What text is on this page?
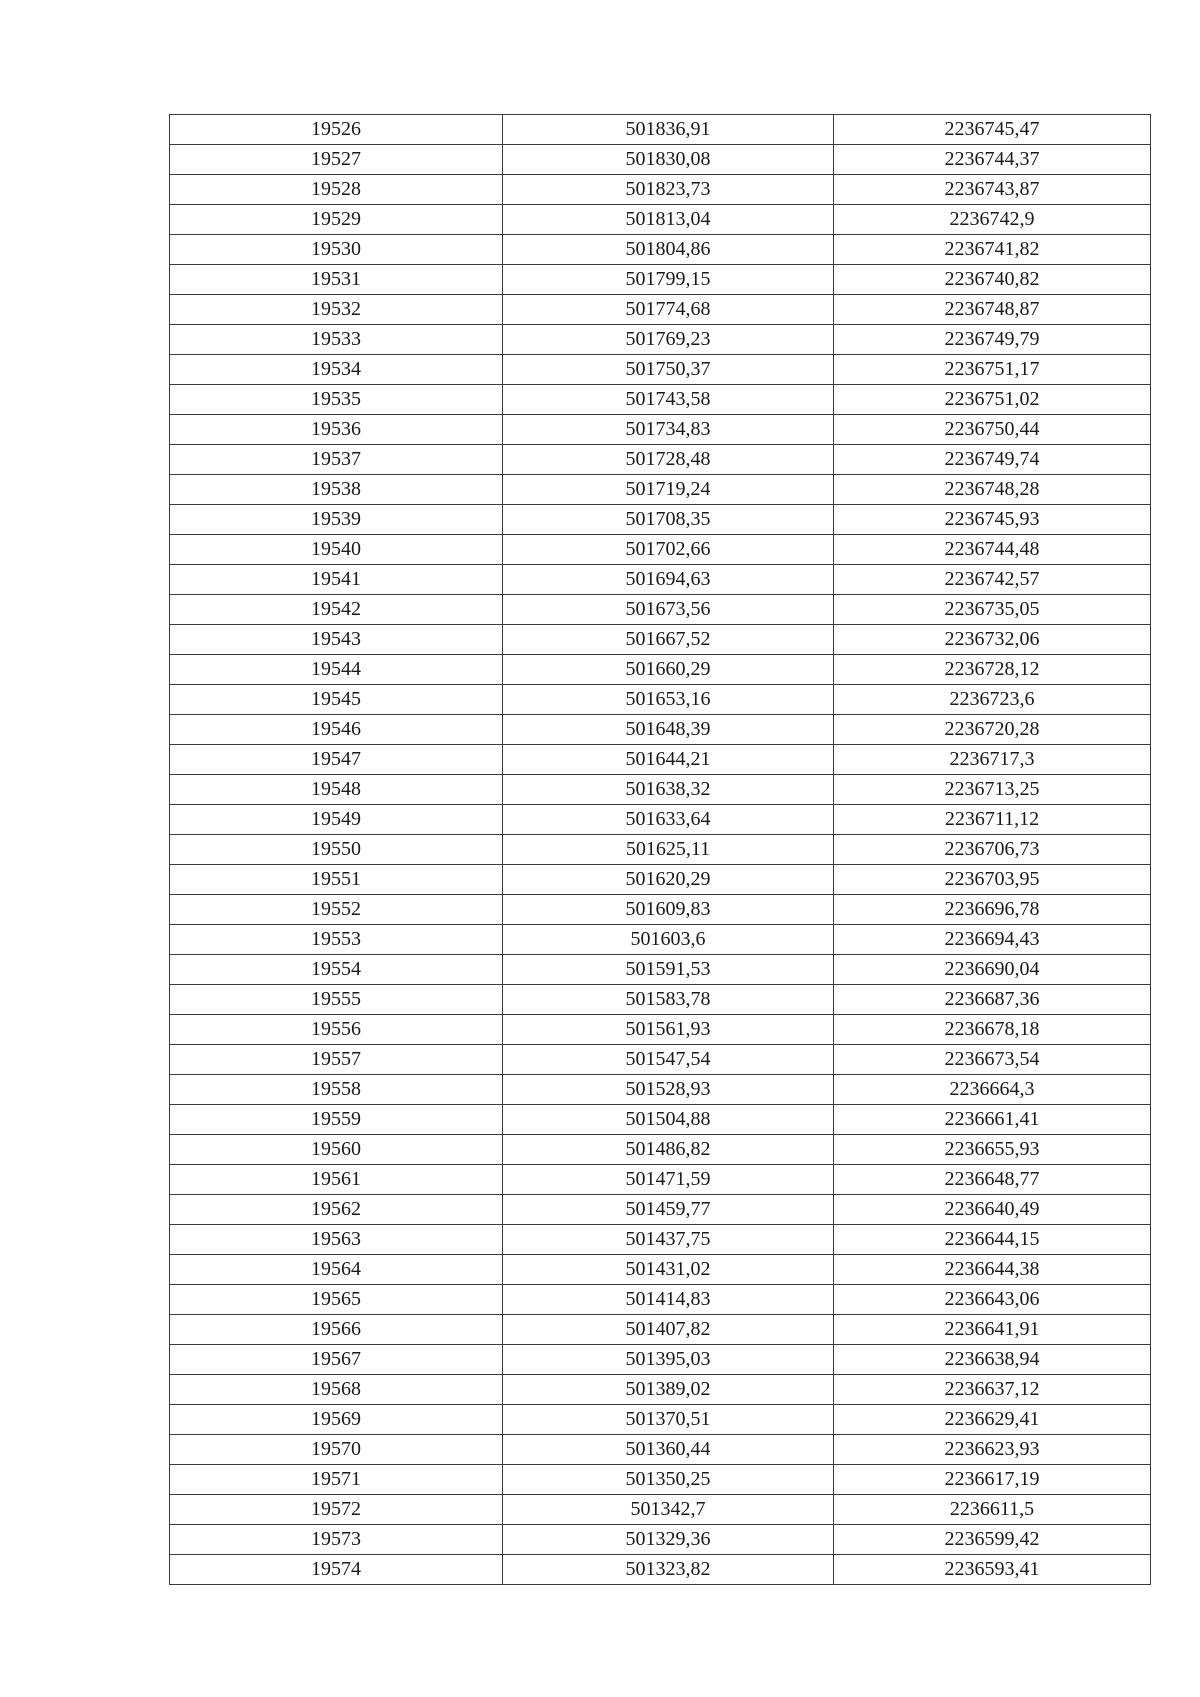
19526	501836,91	2236745,47
19527	501830,08	2236744,37
19528	501823,73	2236743,87
19529	501813,04	2236742,9
19530	501804,86	2236741,82
19531	501799,15	2236740,82
19532	501774,68	2236748,87
19533	501769,23	2236749,79
19534	501750,37	2236751,17
19535	501743,58	2236751,02
19536	501734,83	2236750,44
19537	501728,48	2236749,74
19538	501719,24	2236748,28
19539	501708,35	2236745,93
19540	501702,66	2236744,48
19541	501694,63	2236742,57
19542	501673,56	2236735,05
19543	501667,52	2236732,06
19544	501660,29	2236728,12
19545	501653,16	2236723,6
19546	501648,39	2236720,28
19547	501644,21	2236717,3
19548	501638,32	2236713,25
19549	501633,64	2236711,12
19550	501625,11	2236706,73
19551	501620,29	2236703,95
19552	501609,83	2236696,78
19553	501603,6	2236694,43
19554	501591,53	2236690,04
19555	501583,78	2236687,36
19556	501561,93	2236678,18
19557	501547,54	2236673,54
19558	501528,93	2236664,3
19559	501504,88	2236661,41
19560	501486,82	2236655,93
19561	501471,59	2236648,77
19562	501459,77	2236640,49
19563	501437,75	2236644,15
19564	501431,02	2236644,38
19565	501414,83	2236643,06
19566	501407,82	2236641,91
19567	501395,03	2236638,94
19568	501389,02	2236637,12
19569	501370,51	2236629,41
19570	501360,44	2236623,93
19571	501350,25	2236617,19
19572	501342,7	2236611,5
19573	501329,36	2236599,42
19574	501323,82	2236593,41
